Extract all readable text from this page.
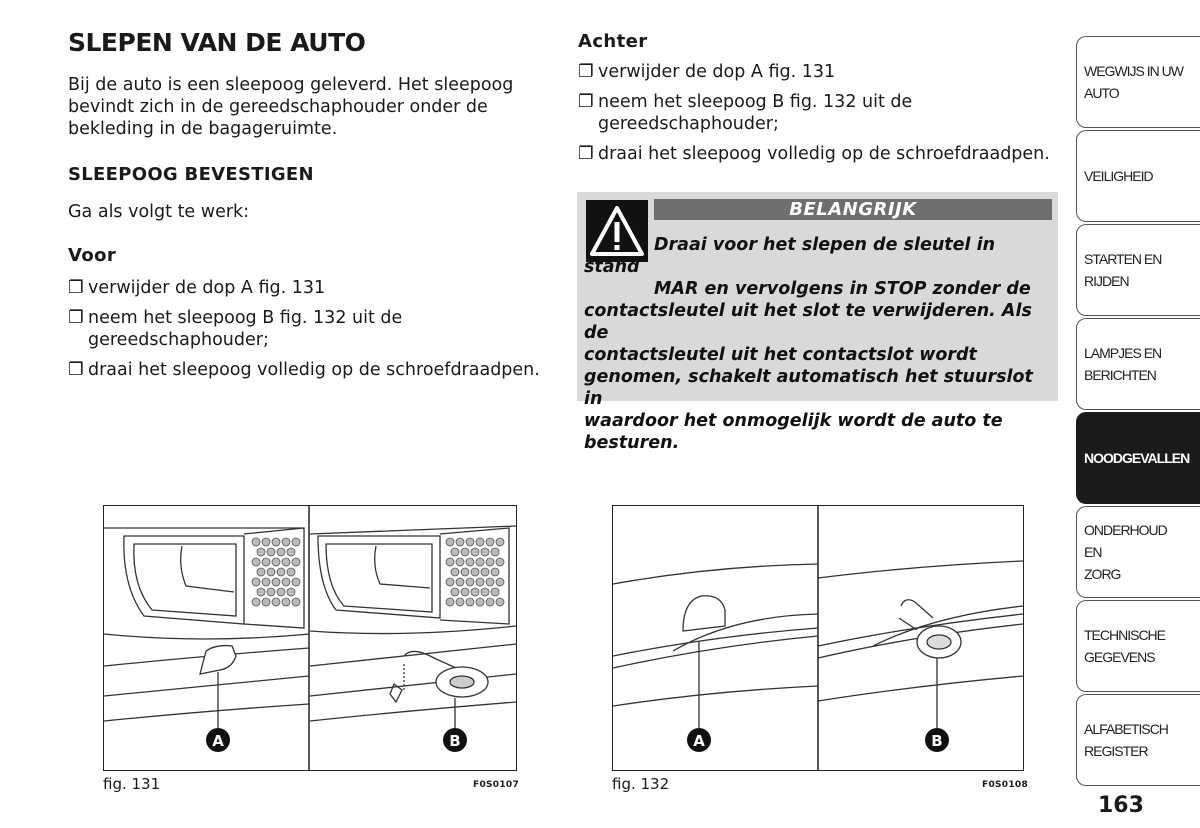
SLEPEN VAN DE AUTO
Bij de auto is een sleepoog geleverd. Het sleepoog bevindt zich in de gereedschaphouder onder de bekleding in de bagageruimte.
SLEEPOOG BEVESTIGEN
Ga als volgt te werk:
Voor
❐ verwijder de dop A fig. 131
❐ neem het sleepoog B fig. 132 uit de gereedschaphouder;
❐ draai het sleepoog volledig op de schroefdraadpen.
Achter
❐ verwijder de dop A fig. 131
❐ neem het sleepoog B fig. 132 uit de gereedschaphouder;
❐ draai het sleepoog volledig op de schroefdraadpen.
BELANGRIJK
Draai voor het slepen de sleutel in stand
MAR en vervolgens in STOP zonder de
contactsleutel uit het slot te verwijderen. Als de
contactsleutel uit het contactslot wordt
genomen, schakelt automatisch het stuurslot in
waardoor het onmogelijk wordt de auto te
besturen.
A	B
fig. 131	F0S0107
A	B
fig. 132	F0S0108
WEGWIJS IN UW
AUTO
VEILIGHEID
STARTEN EN RIJDEN
LAMPJES EN
BERICHTEN
NOODGEVALLEN
ONDERHOUD EN
ZORG
TECHNISCHE
GEGEVENS
ALFABETISCH
REGISTER
163
